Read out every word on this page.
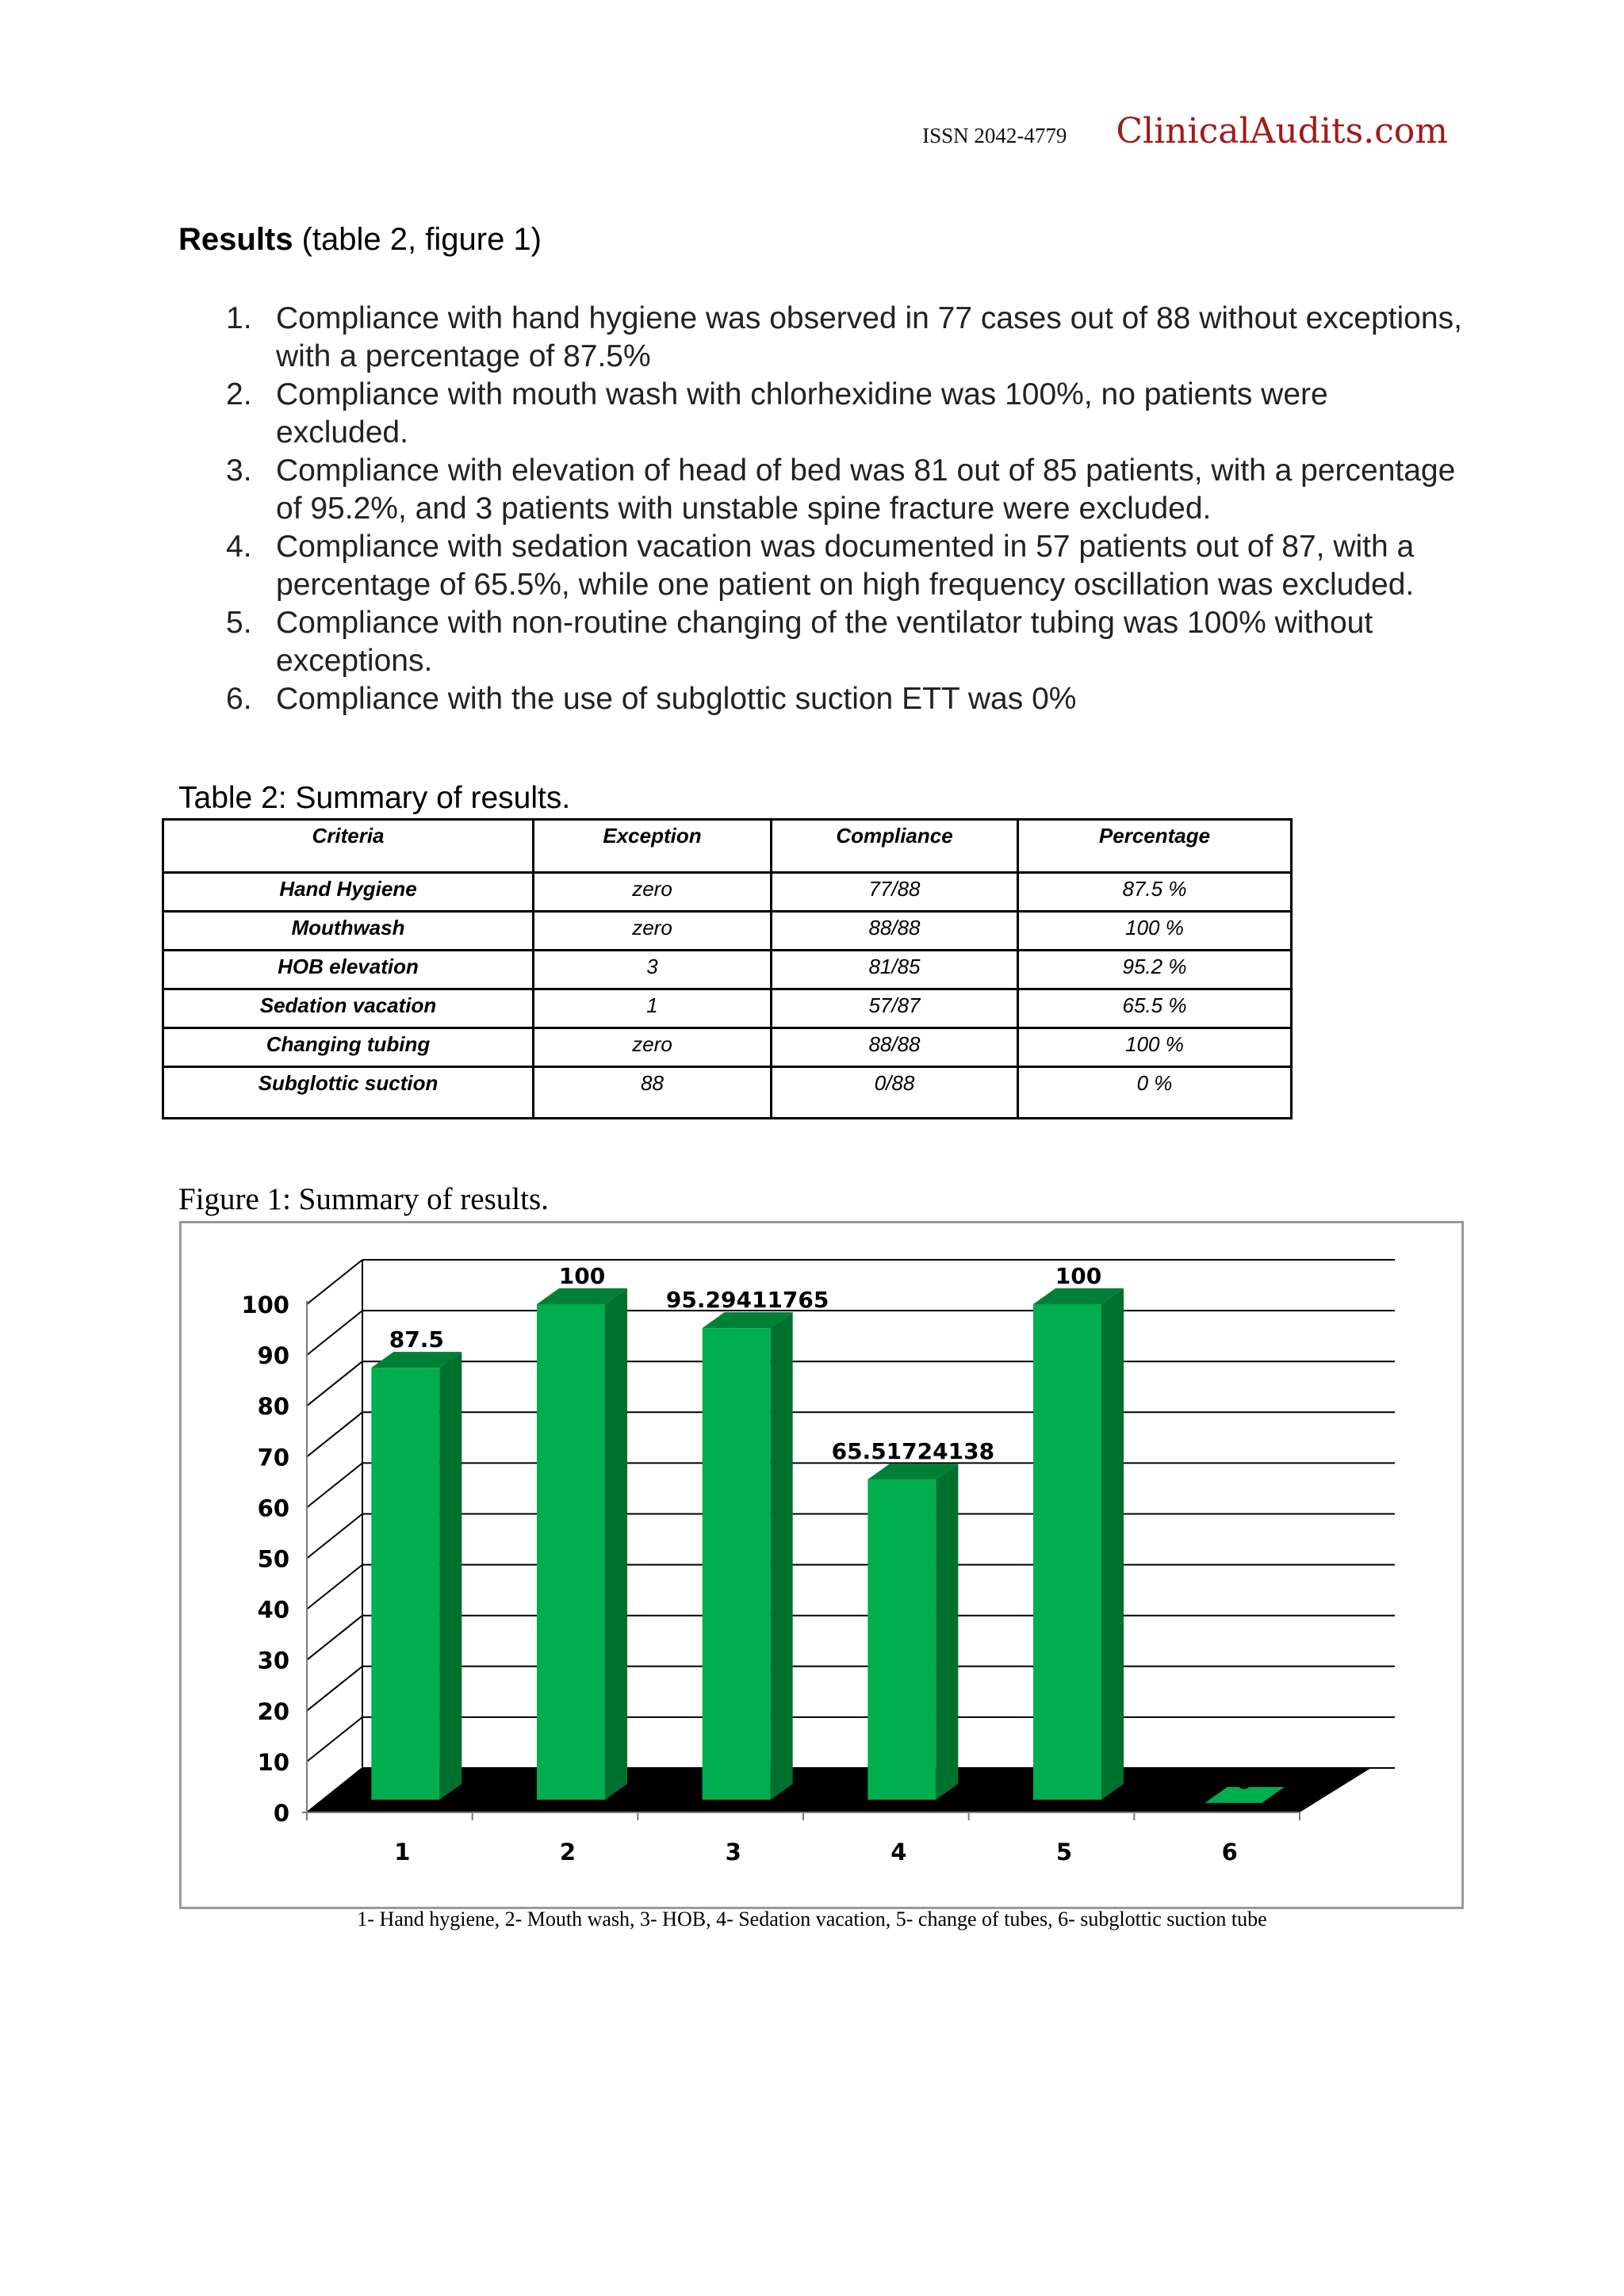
ISSN 2042-4779 ClinicalAudits.com
Results (table 2, figure 1)
1. Compliance with hand hygiene was observed in 77 cases out of 88 without exceptions, with a percentage of 87.5%
2. Compliance with mouth wash with chlorhexidine was 100%, no patients were excluded.
3. Compliance with elevation of head of bed was 81 out of 85 patients, with a percentage of 95.2%, and 3 patients with unstable spine fracture were excluded.
4. Compliance with sedation vacation was documented in 57 patients out of 87, with a percentage of 65.5%, while one patient on high frequency oscillation was excluded.
5. Compliance with non-routine changing of the ventilator tubing was 100% without exceptions.
6. Compliance with the use of subglottic suction ETT was 0%
Table 2: Summary of results.
Criteria	Exception	Compliance	Percentage
Hand Hygiene	zero	77/88	87.5 %
Mouthwash	zero	88/88	100 %
HOB elevation	3	81/85	95.2 %
Sedation vacation	1	57/87	65.5 %
Changing tubing	zero	88/88	100 %
Subglottic suction	88	0/88	0 %
Figure 1: Summary of results.
0
10
20
30
40
50
60
70
80
90
100
87.5
1
100
2
95.29411765
3
65.51724138
4
100
5
0
6
1- Hand hygiene, 2- Mouth wash, 3- HOB, 4- Sedation vacation, 5- change of tubes, 6- subglottic suction tube
